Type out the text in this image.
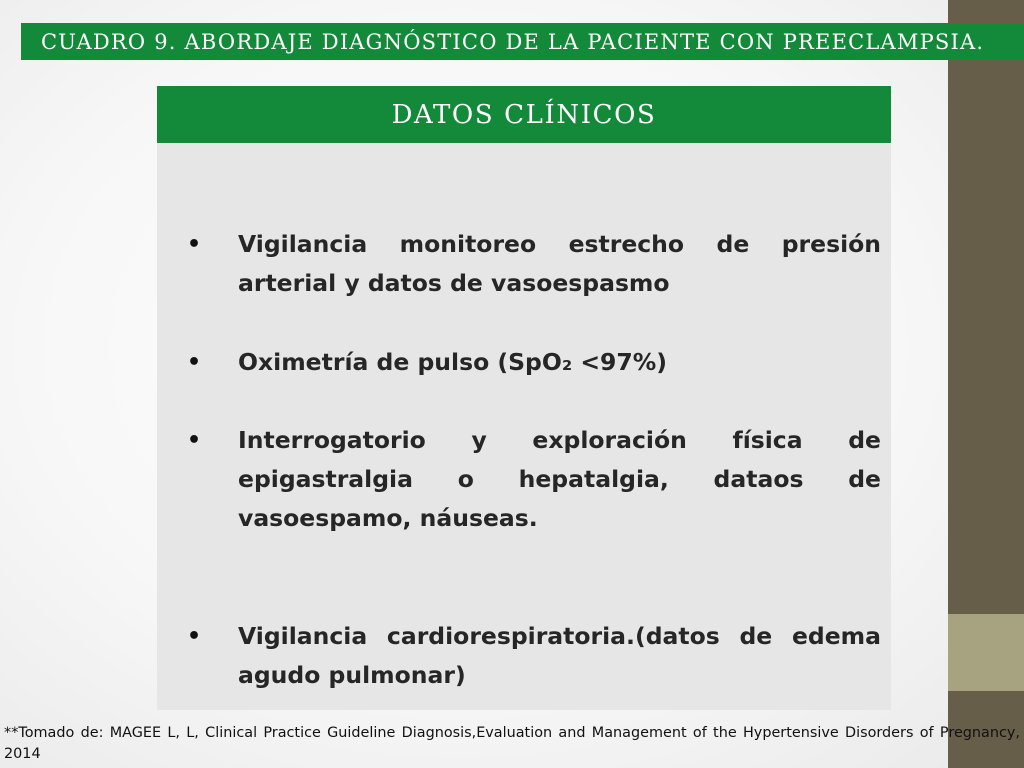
CUADRO 9. ABORDAJE DIAGNÓSTICO DE LA PACIENTE CON PREECLAMPSIA.
DATOS CLÍNICOS
• Vigilancia monitoreo estrecho de presión arterial y datos de vasoespasmo
• Oximetría de pulso (SpO₂ <97%)
• Interrogatorio y exploración física de epigastralgia o hepatalgia, dataos de vasoespamo, náuseas.
• Vigilancia cardiorespiratoria.(datos de edema agudo pulmonar)
**Tomado de: MAGEE L, L, Clinical Practice Guideline Diagnosis,Evaluation and Management of the Hypertensive Disorders of Pregnancy, 2014
